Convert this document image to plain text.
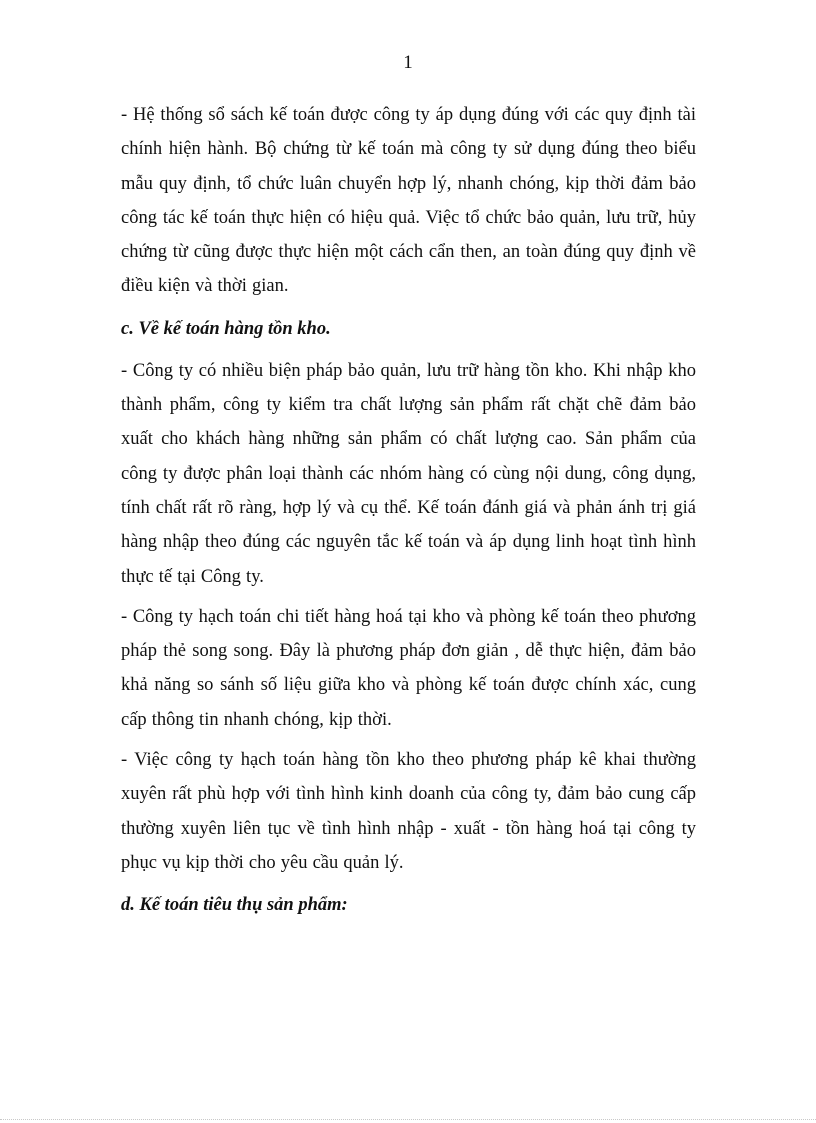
1

- Hệ thống sổ sách kế toán được công ty áp dụng đúng với các quy định tài chính hiện hành. Bộ chứng từ kế toán mà công ty sử dụng đúng theo biểu mẫu quy định, tổ chức luân chuyển hợp lý, nhanh chóng, kịp thời đảm bảo công tác kế toán thực hiện có hiệu quả. Việc tổ chức bảo quản, lưu trữ, hủy chứng từ cũng được thực hiện một cách cẩn then, an toàn đúng quy định về điều kiện và thời gian.

c. Về kế toán hàng tồn kho.

- Công ty có nhiều biện pháp bảo quản, lưu trữ hàng tồn kho. Khi nhập kho thành phẩm, công ty kiểm tra chất lượng sản phẩm rất chặt chẽ đảm bảo xuất cho khách hàng những sản phẩm có chất lượng cao. Sản phẩm của công ty được phân loại thành các nhóm hàng có cùng nội dung, công dụng, tính chất rất rõ ràng, hợp lý và cụ thể. Kế toán đánh giá và phản ánh trị giá hàng nhập theo đúng các nguyên tắc kế toán và áp dụng linh hoạt tình hình thực tế tại Công ty.

- Công ty hạch toán chi tiết hàng hoá tại kho và phòng kế toán theo phương pháp thẻ song song. Đây là phương pháp đơn giản , dễ thực hiện, đảm bảo khả năng so sánh số liệu giữa kho và phòng kế toán được chính xác, cung cấp thông tin nhanh chóng, kịp thời.

- Việc công ty hạch toán hàng tồn kho theo phương pháp kê khai thường xuyên rất phù hợp với tình hình kinh doanh của công ty, đảm bảo cung cấp thường xuyên liên tục về tình hình nhập - xuất - tồn hàng hoá tại công ty phục vụ kịp thời cho yêu cầu quản lý.

d. Kế toán tiêu thụ sản phẩm:
